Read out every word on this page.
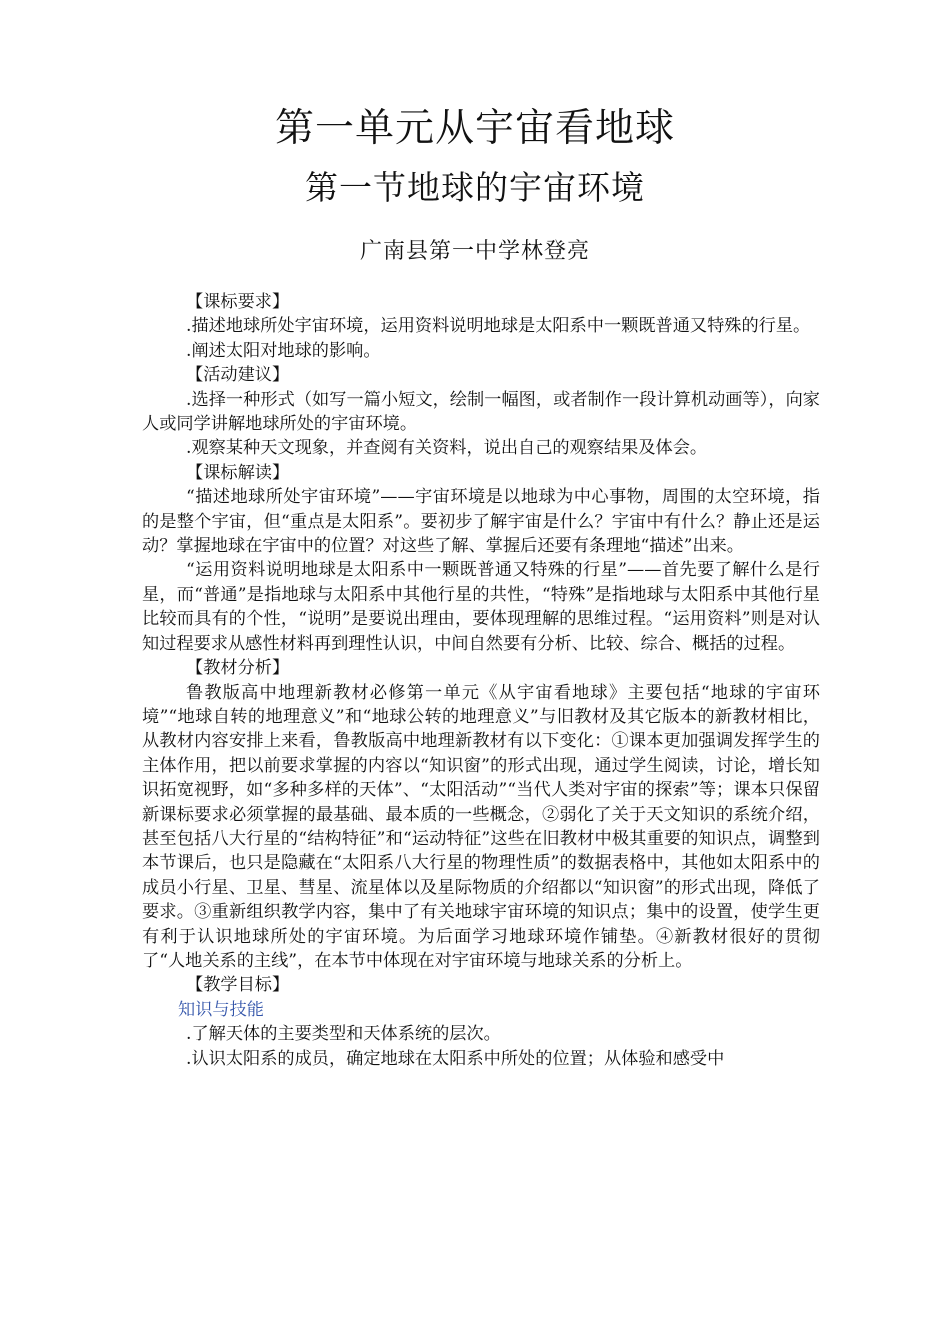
第一单元从宇宙看地球
第一节地球的宇宙环境
广南县第一中学林登亮

【课标要求】

.描述地球所处宇宙环境，运用资料说明地球是太阳系中一颗既普通又特殊的行星。

.阐述太阳对地球的影响。

【活动建议】

.选择一种形式（如写一篇小短文，绘制一幅图，或者制作一段计算机动画等），向家人或同学讲解地球所处的宇宙环境。

.观察某种天文现象，并查阅有关资料，说出自己的观察结果及体会。

【课标解读】

“描述地球所处宇宙环境”——宇宙环境是以地球为中心事物，周围的太空环境，指的是整个宇宙，但“重点是太阳系”。要初步了解宇宙是什么？宇宙中有什么？静止还是运动？掌握地球在宇宙中的位置？对这些了解、掌握后还要有条理地“描述”出来。

“运用资料说明地球是太阳系中一颗既普通又特殊的行星”——首先要了解什么是行星，而“普通”是指地球与太阳系中其他行星的共性，“特殊”是指地球与太阳系中其他行星比较而具有的个性，“说明”是要说出理由，要体现理解的思维过程。“运用资料”则是对认知过程要求从感性材料再到理性认识，中间自然要有分析、比较、综合、概括的过程。

【教材分析】

鲁教版高中地理新教材必修第一单元《从宇宙看地球》主要包括“地球的宇宙环境”“地球自转的地理意义”和“地球公转的地理意义”与旧教材及其它版本的新教材相比，从教材内容安排上来看，鲁教版高中地理新教材有以下变化：①课本更加强调发挥学生的主体作用，把以前要求掌握的内容以“知识窗”的形式出现，通过学生阅读，讨论，增长知识拓宽视野，如“多种多样的天体”、“太阳活动”“当代人类对宇宙的探索”等；课本只保留新课标要求必须掌握的最基础、最本质的一些概念，②弱化了关于天文知识的系统介绍，甚至包括八大行星的“结构特征”和“运动特征”这些在旧教材中极其重要的知识点，调整到本节课后，也只是隐藏在“太阳系八大行星的物理性质”的数据表格中，其他如太阳系中的成员小行星、卫星、彗星、流星体以及星际物质的介绍都以“知识窗”的形式出现，降低了要求。③重新组织教学内容，集中了有关地球宇宙环境的知识点；集中的设置，使学生更有利于认识地球所处的宇宙环境。为后面学习地球环境作铺垫。④新教材很好的贯彻了“人地关系的主线”，在本节中体现在对宇宙环境与地球关系的分析上。

【教学目标】

知识与技能

.了解天体的主要类型和天体系统的层次。

.认识太阳系的成员，确定地球在太阳系中所处的位置；从体验和感受中
